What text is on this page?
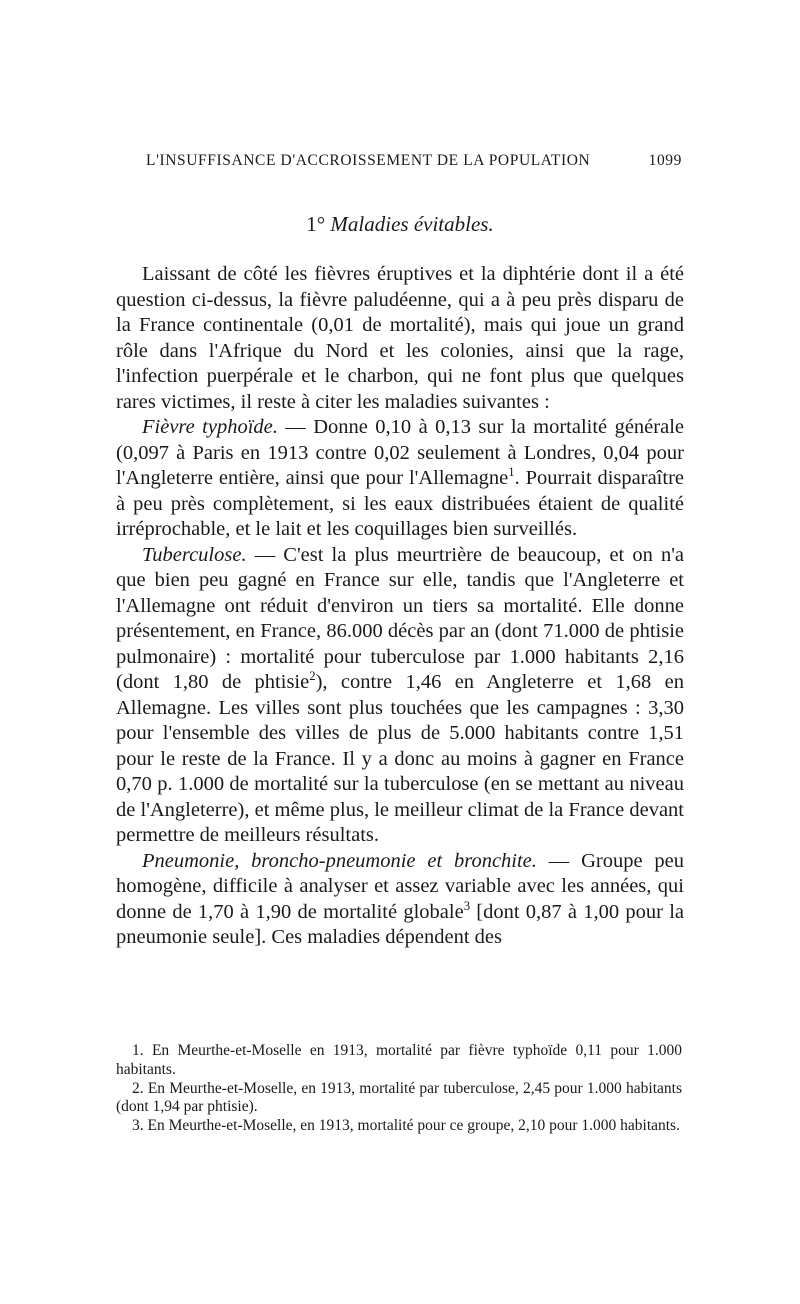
L'INSUFFISANCE D'ACCROISSEMENT DE LA POPULATION	1099
1° Maladies évitables.

Laissant de côté les fièvres éruptives et la diphtérie dont il a été question ci-dessus, la fièvre paludéenne, qui a à peu près disparu de la France continentale (0,01 de mortalité), mais qui joue un grand rôle dans l'Afrique du Nord et les colonies, ainsi que la rage, l'infection puerpérale et le charbon, qui ne font plus que quelques rares victimes, il reste à citer les maladies suivantes :

Fièvre typhoïde. — Donne 0,10 à 0,13 sur la mortalité générale (0,097 à Paris en 1913 contre 0,02 seulement à Londres, 0,04 pour l'Angleterre entière, ainsi que pour l'Allemagne$^1$. Pourrait disparaître à peu près complètement, si les eaux distribuées étaient de qualité irréprochable, et le lait et les coquillages bien surveillés.

Tuberculose. — C'est la plus meurtrière de beaucoup, et on n'a que bien peu gagné en France sur elle, tandis que l'Angleterre et l'Allemagne ont réduit d'environ un tiers sa mortalité. Elle donne présentement, en France, 86.000 décès par an (dont 71.000 de phtisie pulmonaire) : mortalité pour tuberculose par 1.000 habitants 2,16 (dont 1,80 de phtisie$^2$), contre 1,46 en Angleterre et 1,68 en Allemagne. Les villes sont plus touchées que les campagnes : 3,30 pour l'ensemble des villes de plus de 5.000 habitants contre 1,51 pour le reste de la France. Il y a donc au moins à gagner en France 0,70 p. 1.000 de mortalité sur la tuberculose (en se mettant au niveau de l'Angleterre), et même plus, le meilleur climat de la France devant permettre de meilleurs résultats.

Pneumonie, broncho-pneumonie et bronchite. — Groupe peu homogène, difficile à analyser et assez variable avec les années, qui donne de 1,70 à 1,90 de mortalité globale$^3$ [dont 0,87 à 1,00 pour la pneumonie seule]. Ces maladies dépendent des

1. En Meurthe-et-Moselle en 1913, mortalité par fièvre typhoïde 0,11 pour 1.000 habitants.

2. En Meurthe-et-Moselle, en 1913, mortalité par tuberculose, 2,45 pour 1.000 habitants (dont 1,94 par phtisie).

3. En Meurthe-et-Moselle, en 1913, mortalité pour ce groupe, 2,10 pour 1.000 habitants.
